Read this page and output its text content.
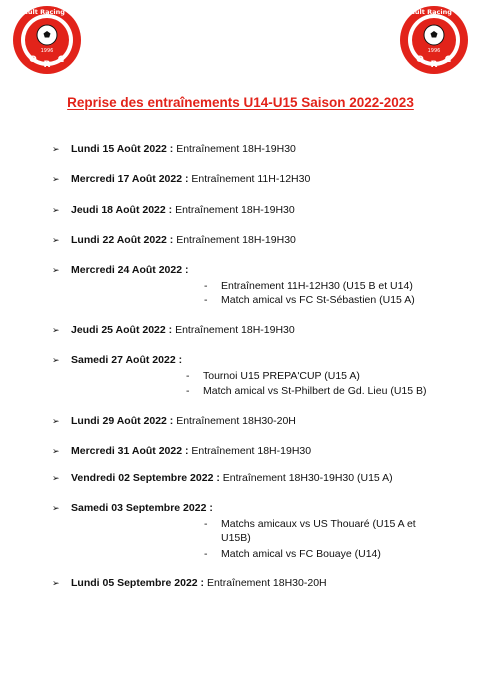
Orvault Racing Club
1996
O R C
Orvault Racing Club
1996
O R C
Reprise des entraînements U14-U15 Saison 2022-2023
➢ Lundi 15 Août 2022 : Entraînement 18H-19H30
➢ Mercredi 17 Août 2022 : Entraînement 11H-12H30
➢ Jeudi 18 Août 2022 : Entraînement 18H-19H30
➢ Lundi 22 Août 2022 : Entraînement 18H-19H30
➢ Mercredi 24 Août 2022 :
- Entraînement 11H-12H30 (U15 B et U14)
- Match amical vs FC St-Sébastien (U15 A)
➢ Jeudi 25 Août 2022 : Entraînement 18H-19H30
➢ Samedi 27 Août 2022 :
- Tournoi U15 PREPA'CUP (U15 A)
- Match amical vs St-Philbert de Gd. Lieu (U15 B)
➢ Lundi 29 Août 2022 : Entraînement 18H30-20H
➢ Mercredi 31 Août 2022 : Entraînement 18H-19H30
➢ Vendredi 02 Septembre 2022 : Entraînement 18H30-19H30 (U15 A)
➢ Samedi 03 Septembre 2022 :
- Matchs amicaux vs US Thouaré (U15 A et
U15B)
- Match amical vs FC Bouaye (U14)
➢ Lundi 05 Septembre 2022 : Entraînement 18H30-20H
